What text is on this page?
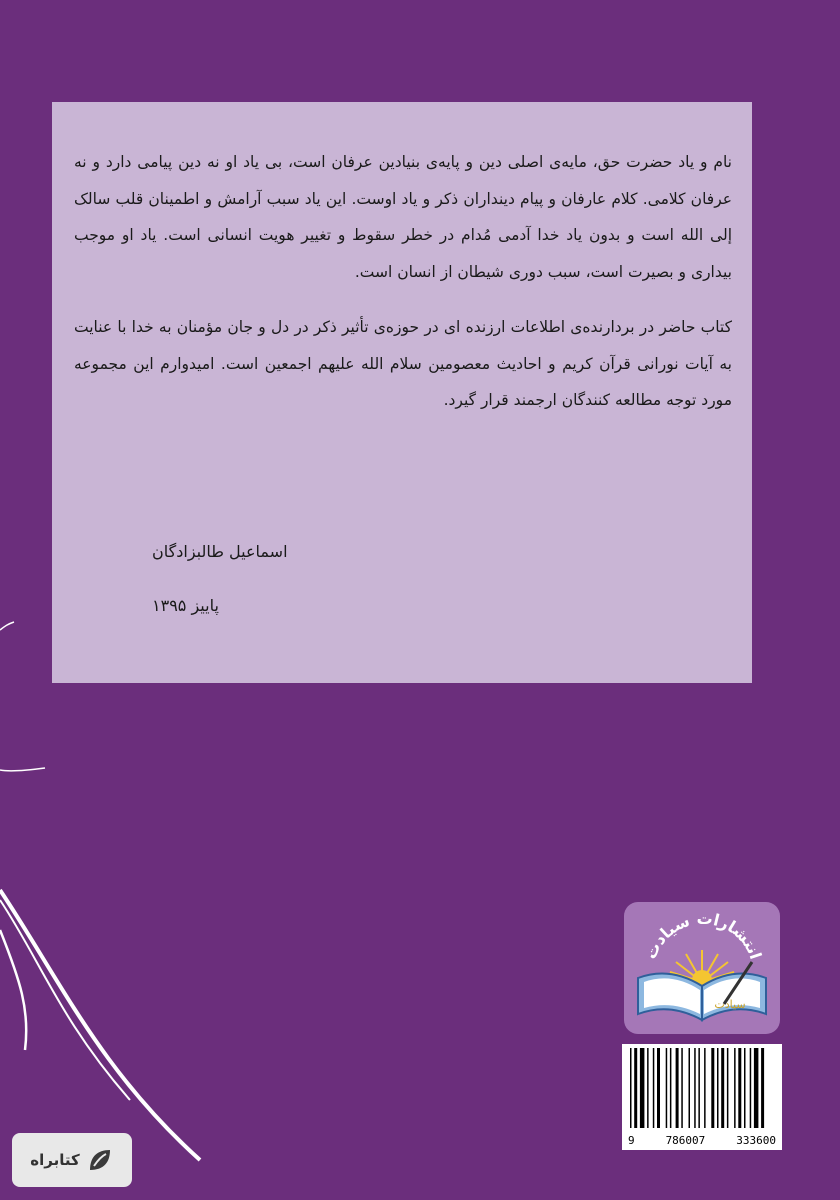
نام و یاد حضرت حق، مایه‌ی اصلی دین و پایه‌ی بنیادین عرفان است، بی یاد او نه دین پیامی دارد و نه عرفان کلامی. کلام عارفان و پیام دینداران ذکر و یاد اوست. این یاد سبب آرامش و اطمینان قلب سالک إلی الله است و بدون یاد خدا آدمی مُدام در خطر سقوط و تغییر هویت انسانی است. یاد او موجب بیداری و بصیرت است، سبب دوری شیطان از انسان است.

کتاب حاضر در بردارنده‌ی اطلاعات ارزنده ای در حوزه‌ی تأثیر ذکر در دل و جان مؤمنان به خدا با عنایت به آیات نورانی قرآن کریم و احادیث معصومین سلام الله علیهم اجمعین است. امیدوارم این مجموعه مورد توجه مطالعه کنندگان ارجمند قرار گیرد.

اسماعیل طالبزادگان
پاییز ۱۳۹۵
انتشارات سیادت
سیادت
9	786007	333600
کتابراه
